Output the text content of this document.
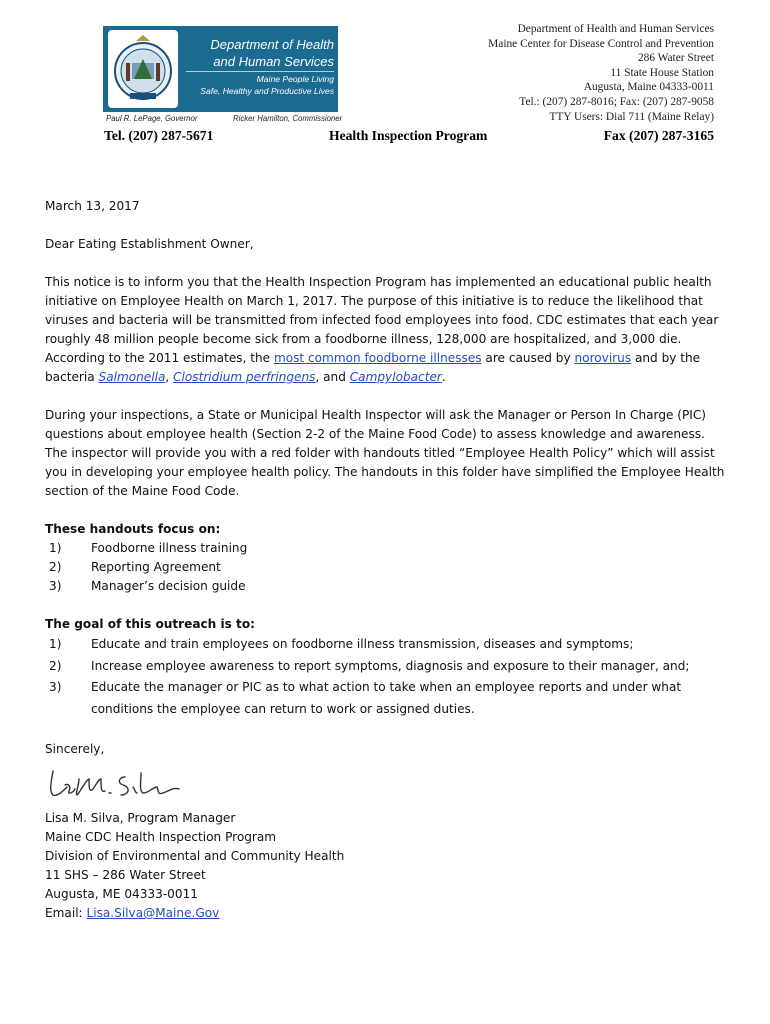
Department of Health
and Human Services
Maine People Living
Safe, Healthy and Productive Lives
Paul R. LePage, Governor	Ricker Hamilton, Commissioner
Department of Health and Human Services
Maine Center for Disease Control and Prevention
286 Water Street
11 State House Station
Augusta, Maine 04333-0011
Tel.: (207) 287-8016; Fax: (207) 287-9058
TTY Users: Dial 711 (Maine Relay)
Tel. (207) 287-5671	Health Inspection Program	Fax (207) 287-3165

March 13, 2017

Dear Eating Establishment Owner,

This notice is to inform you that the Health Inspection Program has implemented an educational public health initiative on Employee Health on March 1, 2017. The purpose of this initiative is to reduce the likelihood that viruses and bacteria will be transmitted from infected food employees into food. CDC estimates that each year roughly 48 million people become sick from a foodborne illness, 128,000 are hospitalized, and 3,000 die. According to the 2011 estimates, the most common foodborne illnesses are caused by norovirus and by the bacteria Salmonella, Clostridium perfringens, and Campylobacter.

During your inspections, a State or Municipal Health Inspector will ask the Manager or Person In Charge (PIC) questions about employee health (Section 2-2 of the Maine Food Code) to assess knowledge and awareness. The inspector will provide you with a red folder with handouts titled “Employee Health Policy” which will assist you in developing your employee health policy. The handouts in this folder have simplified the Employee Health section of the Maine Food Code.

These handouts focus on:

1) Foodborne illness training
2) Reporting Agreement
3) Manager’s decision guide

The goal of this outreach is to:

1) Educate and train employees on foodborne illness transmission, diseases and symptoms;
2) Increase employee awareness to report symptoms, diagnosis and exposure to their manager, and;
3) Educate the manager or PIC as to what action to take when an employee reports and under what conditions the employee can return to work or assigned duties.

Sincerely,

Lisa M. Silva, Program Manager

Maine CDC Health Inspection Program

Division of Environmental and Community Health

11 SHS – 286 Water Street

Augusta, ME 04333-0011

Email: Lisa.Silva@Maine.Gov
